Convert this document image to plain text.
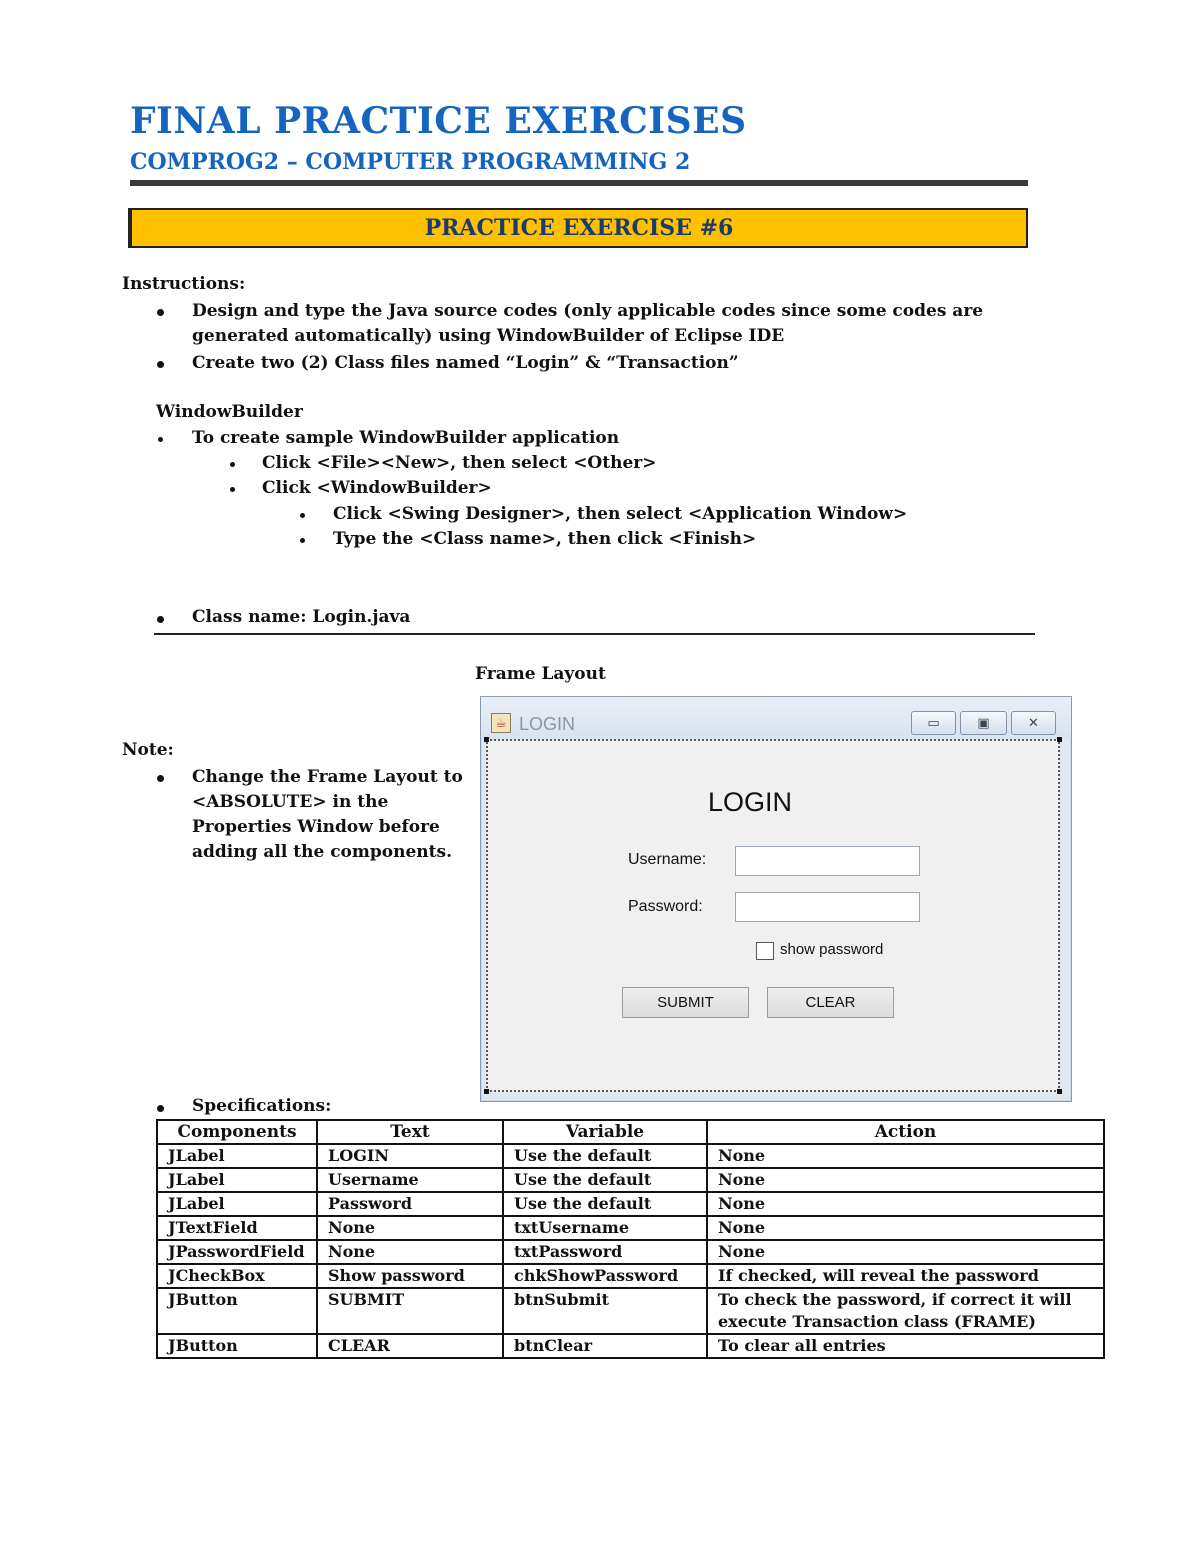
FINAL PRACTICE EXERCISES
COMPROG2 – COMPUTER PROGRAMMING 2
PRACTICE EXERCISE #6
Instructions:
Design and type the Java source codes (only applicable codes since some codes are
generated automatically) using WindowBuilder of Eclipse IDE
Create two (2) Class files named “Login” & “Transaction”
WindowBuilder
To create sample WindowBuilder application
Click <File><New>, then select <Other>
Click <WindowBuilder>
Click <Swing Designer>, then select <Application Window>
Type the <Class name>, then click <Finish>
Class name: Login.java
Frame Layout
Note:
Change the Frame Layout to
<ABSOLUTE> in the
Properties Window before
adding all the components.
☕ LOGIN	▭	▣	✕
LOGIN
Username:
Password:
show password
SUBMIT	CLEAR
Specifications:
Components	Text	Variable	Action
JLabel	LOGIN	Use the default	None
JLabel	Username	Use the default	None
JLabel	Password	Use the default	None
JTextField	None	txtUsername	None
JPasswordField	None	txtPassword	None
JCheckBox	Show password	chkShowPassword	If checked, will reveal the password
JButton	SUBMIT	btnSubmit	To check the password, if correct it will execute Transaction class (FRAME)
JButton	CLEAR	btnClear	To clear all entries
